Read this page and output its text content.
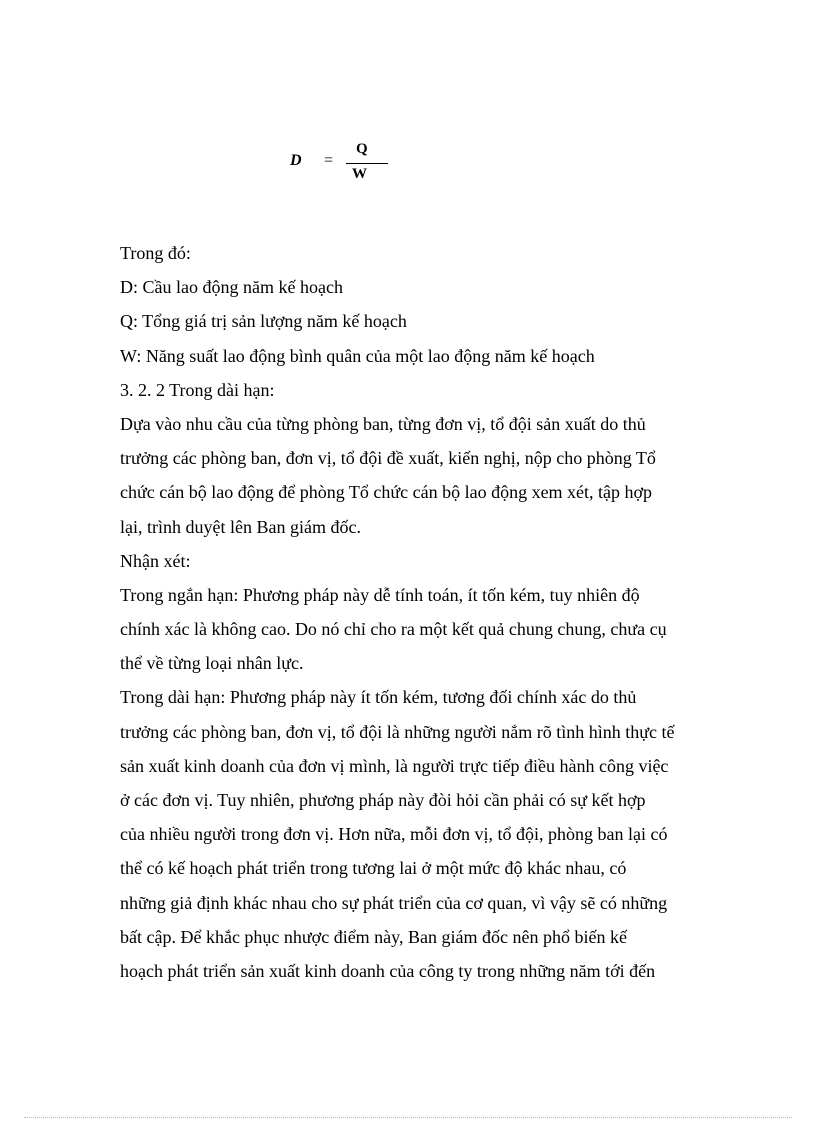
D =
Q
W
Trong đó:
D: Cầu lao động năm kế hoạch
Q: Tổng giá trị sản lượng năm kế hoạch
W: Năng suất lao động bình quân của một lao động năm kế hoạch
3. 2. 2 Trong dài hạn:
Dựa vào nhu cầu của từng phòng ban, từng đơn vị, tổ đội sản xuất do thủ
trưởng các phòng ban, đơn vị, tổ đội đề xuất, kiến nghị, nộp cho phòng Tổ
chức cán bộ lao động để phòng Tổ chức cán bộ lao động xem xét, tập hợp
lại, trình duyệt lên Ban giám đốc.
Nhận xét:
Trong ngắn hạn: Phương pháp này dễ tính toán, ít tốn kém, tuy nhiên độ
chính xác là không cao. Do nó chỉ cho ra một kết quả chung chung, chưa cụ
thể về từng loại nhân lực.
Trong dài hạn: Phương pháp này ít tốn kém, tương đối chính xác do thủ
trưởng các phòng ban, đơn vị, tổ đội là những người nắm rõ tình hình thực tế
sản xuất kinh doanh của đơn vị mình, là người trực tiếp điều hành công việc
ở các đơn vị. Tuy nhiên, phương pháp này đòi hỏi cần phải có sự kết hợp
của nhiều người trong đơn vị. Hơn nữa, mỗi đơn vị, tổ đội, phòng ban lại có
thể có kế hoạch phát triển trong tương lai ở một mức độ khác nhau, có
những giả định khác nhau cho sự phát triển của cơ quan, vì vậy sẽ có những
bất cập. Để khắc phục nhược điểm này, Ban giám đốc nên phổ biến kế
hoạch phát triển sản xuất kinh doanh của công ty trong những năm tới đến
